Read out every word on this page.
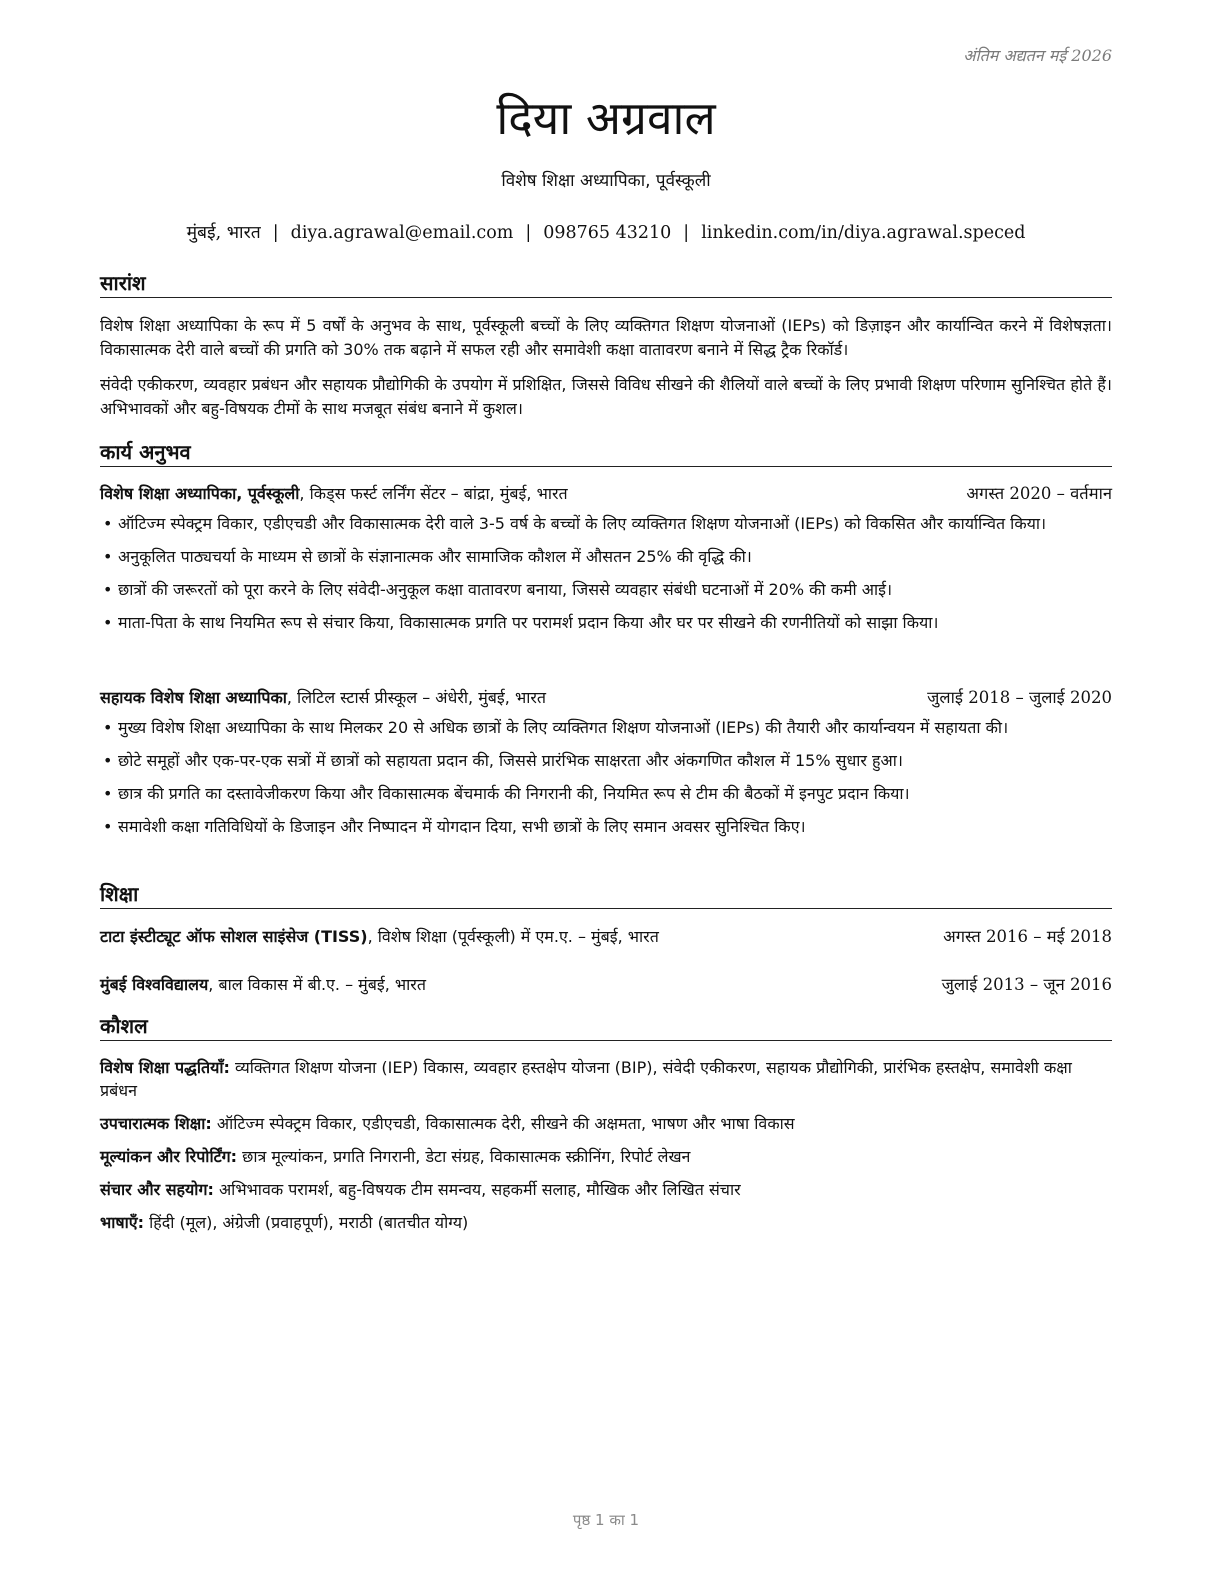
अंतिम अद्यतन मई 2026
दिया अग्रवाल
विशेष शिक्षा अध्यापिका, पूर्वस्कूली
मुंबई, भारत | diya.agrawal@email.com | 098765 43210 | linkedin.com/in/diya.agrawal.speced
सारांश

विशेष शिक्षा अध्यापिका के रूप में 5 वर्षों के अनुभव के साथ, पूर्वस्कूली बच्चों के लिए व्यक्तिगत शिक्षण योजनाओं (IEPs) को डिज़ाइन और कार्यान्वित करने में विशेषज्ञता। विकासात्मक देरी वाले बच्चों की प्रगति को 30% तक बढ़ाने में सफल रही और समावेशी कक्षा वातावरण बनाने में सिद्ध ट्रैक रिकॉर्ड।

संवेदी एकीकरण, व्यवहार प्रबंधन और सहायक प्रौद्योगिकी के उपयोग में प्रशिक्षित, जिससे विविध सीखने की शैलियों वाले बच्चों के लिए प्रभावी शिक्षण परिणाम सुनिश्चित होते हैं। अभिभावकों और बहु-विषयक टीमों के साथ मजबूत संबंध बनाने में कुशल।

कार्य अनुभव
विशेष शिक्षा अध्यापिका, पूर्वस्कूली, किड्स फर्स्ट लर्निंग सेंटर – बांद्रा, मुंबई, भारत	अगस्त 2020 – वर्तमान
• ऑटिज्म स्पेक्ट्रम विकार, एडीएचडी और विकासात्मक देरी वाले 3-5 वर्ष के बच्चों के लिए व्यक्तिगत शिक्षण योजनाओं (IEPs) को विकसित और कार्यान्वित किया।
• अनुकूलित पाठ्यचर्या के माध्यम से छात्रों के संज्ञानात्मक और सामाजिक कौशल में औसतन 25% की वृद्धि की।
• छात्रों की जरूरतों को पूरा करने के लिए संवेदी-अनुकूल कक्षा वातावरण बनाया, जिससे व्यवहार संबंधी घटनाओं में 20% की कमी आई।
• माता-पिता के साथ नियमित रूप से संचार किया, विकासात्मक प्रगति पर परामर्श प्रदान किया और घर पर सीखने की रणनीतियों को साझा किया।
सहायक विशेष शिक्षा अध्यापिका, लिटिल स्टार्स प्रीस्कूल – अंधेरी, मुंबई, भारत	जुलाई 2018 – जुलाई 2020
• मुख्य विशेष शिक्षा अध्यापिका के साथ मिलकर 20 से अधिक छात्रों के लिए व्यक्तिगत शिक्षण योजनाओं (IEPs) की तैयारी और कार्यान्वयन में सहायता की।
• छोटे समूहों और एक-पर-एक सत्रों में छात्रों को सहायता प्रदान की, जिससे प्रारंभिक साक्षरता और अंकगणित कौशल में 15% सुधार हुआ।
• छात्र की प्रगति का दस्तावेजीकरण किया और विकासात्मक बेंचमार्क की निगरानी की, नियमित रूप से टीम की बैठकों में इनपुट प्रदान किया।
• समावेशी कक्षा गतिविधियों के डिजाइन और निष्पादन में योगदान दिया, सभी छात्रों के लिए समान अवसर सुनिश्चित किए।
शिक्षा
टाटा इंस्टीट्यूट ऑफ सोशल साइंसेज (TISS), विशेष शिक्षा (पूर्वस्कूली) में एम.ए. – मुंबई, भारत	अगस्त 2016 – मई 2018
मुंबई विश्वविद्यालय, बाल विकास में बी.ए. – मुंबई, भारत	जुलाई 2013 – जून 2016
कौशल

विशेष शिक्षा पद्धतियाँ: व्यक्तिगत शिक्षण योजना (IEP) विकास, व्यवहार हस्तक्षेप योजना (BIP), संवेदी एकीकरण, सहायक प्रौद्योगिकी, प्रारंभिक हस्तक्षेप, समावेशी कक्षा प्रबंधन

उपचारात्मक शिक्षा: ऑटिज्म स्पेक्ट्रम विकार, एडीएचडी, विकासात्मक देरी, सीखने की अक्षमता, भाषण और भाषा विकास

मूल्यांकन और रिपोर्टिंग: छात्र मूल्यांकन, प्रगति निगरानी, डेटा संग्रह, विकासात्मक स्क्रीनिंग, रिपोर्ट लेखन

संचार और सहयोग: अभिभावक परामर्श, बहु-विषयक टीम समन्वय, सहकर्मी सलाह, मौखिक और लिखित संचार

भाषाएँ: हिंदी (मूल), अंग्रेजी (प्रवाहपूर्ण), मराठी (बातचीत योग्य)

पृष्ठ 1 का 1
